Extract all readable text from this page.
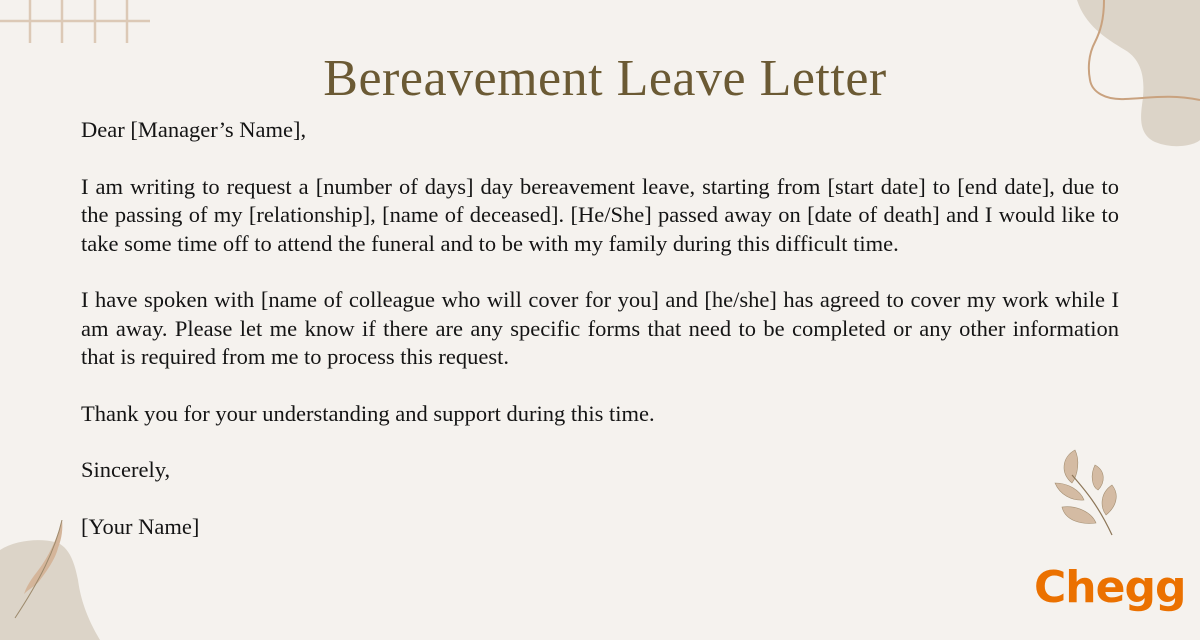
Bereavement Leave Letter

Dear [Manager’s Name],

I am writing to request a [number of days] day bereavement leave, starting from [start date] to [end date], due to the passing of my [relationship], [name of deceased]. [He/She] passed away on [date of death] and I would like to take some time off to attend the funeral and to be with my family during this difficult time.

I have spoken with [name of colleague who will cover for you] and [he/she] has agreed to cover my work while I am away. Please let me know if there are any specific forms that need to be completed or any other information that is required from me to process this request.

Thank you for your understanding and support during this time.

Sincerely,

[Your Name]

Chegg
